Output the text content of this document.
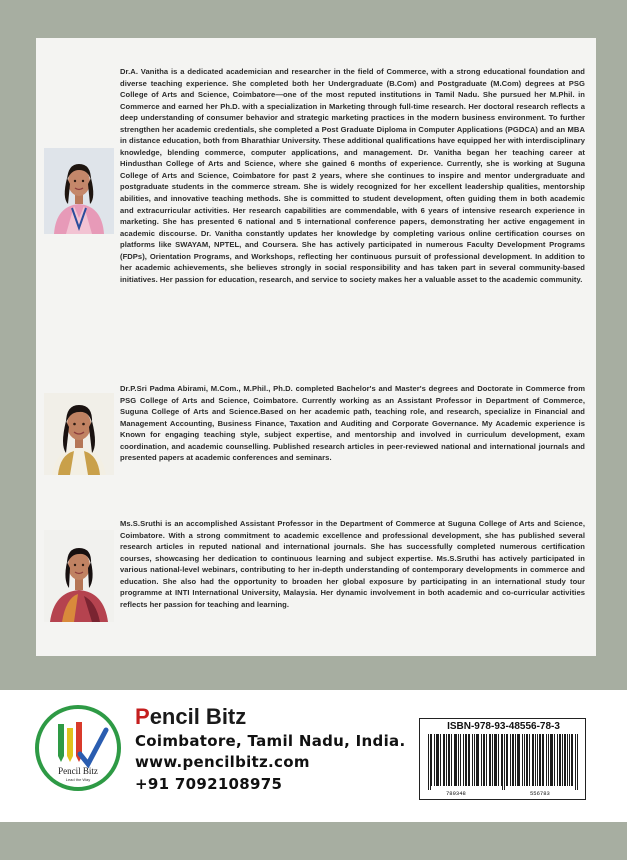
Dr.A. Vanitha is a dedicated academician and researcher in the field of Commerce, with a strong educational foundation and diverse teaching experience. She completed both her Undergraduate (B.Com) and Postgraduate (M.Com) degrees at PSG College of Arts and Science, Coimbatore—one of the most reputed institutions in Tamil Nadu. She pursued her M.Phil. in Commerce and earned her Ph.D. with a specialization in Marketing through full-time research. Her doctoral research reflects a deep understanding of consumer behavior and strategic marketing practices in the modern business environment. To further strengthen her academic credentials, she completed a Post Graduate Diploma in Computer Applications (PGDCA) and an MBA in distance education, both from Bharathiar University. These additional qualifications have equipped her with interdisciplinary knowledge, blending commerce, computer applications, and management. Dr. Vanitha began her teaching career at Hindusthan College of Arts and Science, where she gained 6 months of experience. Currently, she is working at Suguna College of Arts and Science, Coimbatore for past 2 years, where she continues to inspire and mentor undergraduate and postgraduate students in the commerce stream. She is widely recognized for her excellent leadership qualities, mentorship abilities, and innovative teaching methods. She is committed to student development, often guiding them in both academic and extracurricular activities. Her research capabilities are commendable, with 6 years of intensive research experience in marketing. She has presented 6 national and 5 international conference papers, demonstrating her active engagement in academic discourse. Dr. Vanitha constantly updates her knowledge by completing various online certification courses on platforms like SWAYAM, NPTEL, and Coursera. She has actively participated in numerous Faculty Development Programs (FDPs), Orientation Programs, and Workshops, reflecting her continuous pursuit of professional development. In addition to her academic achievements, she believes strongly in social responsibility and has taken part in several community-based initiatives. Her passion for education, research, and service to society makes her a valuable asset to the academic community.
Dr.P.Sri Padma Abirami, M.Com., M.Phil., Ph.D. completed Bachelor's and Master's degrees and Doctorate in Commerce from PSG College of Arts and Science, Coimbatore. Currently working as an Assistant Professor in Department of Commerce, Suguna College of Arts and Science.Based on her academic path, teaching role, and research, specialize in Financial and Management Accounting, Business Finance, Taxation and Auditing and Corporate Governance. My Academic experience is Known for engaging teaching style, subject expertise, and mentorship and involved in curriculum development, exam coordination, and academic counselling. Published research articles in peer-reviewed national and international journals and presented papers at academic conferences and seminars.
Ms.S.Sruthi is an accomplished Assistant Professor in the Department of Commerce at Suguna College of Arts and Science, Coimbatore. With a strong commitment to academic excellence and professional development, she has published several research articles in reputed national and international journals. She has successfully completed numerous certification courses, showcasing her dedication to continuous learning and subject expertise. Ms.S.Sruthi has actively participated in various national-level webinars, contributing to her in-depth understanding of contemporary developments in commerce and education. She also had the opportunity to broaden her global exposure by participating in an international study tour programme at INTI International University, Malaysia. Her dynamic involvement in both academic and co-curricular activities reflects her passion for teaching and learning.
Pencil Bitz
Lead the Way
Pencil Bitz
Coimbatore, Tamil Nadu, India.
www.pencilbitz.com
+91 7092108975
ISBN-978-93-48556-78-3
789348	556783
